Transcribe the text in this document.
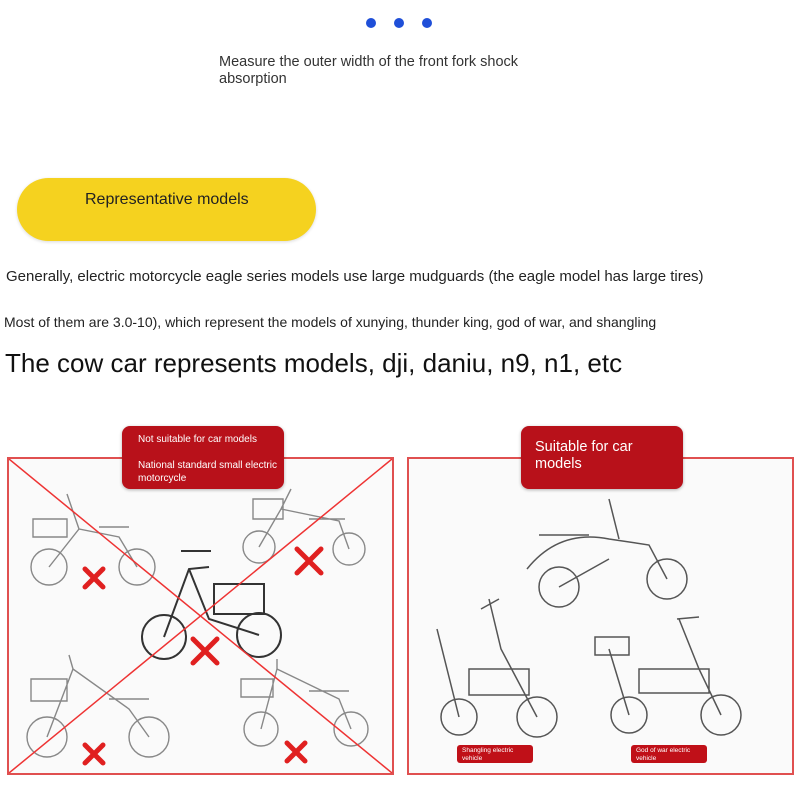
Measure the outer width of the front fork shock absorption
Representative models
Generally, electric motorcycle eagle series models use large mudguards (the eagle model has large tires)
Most of them are 3.0-10), which represent the models of xunying, thunder king, god of war, and shangling
The cow car represents models, dji, daniu, n9, n1, etc
Not suitable for car models
National standard small electric motorcycle
Shangling electric vehicle
God of war electric vehicle
Suitable for car models
